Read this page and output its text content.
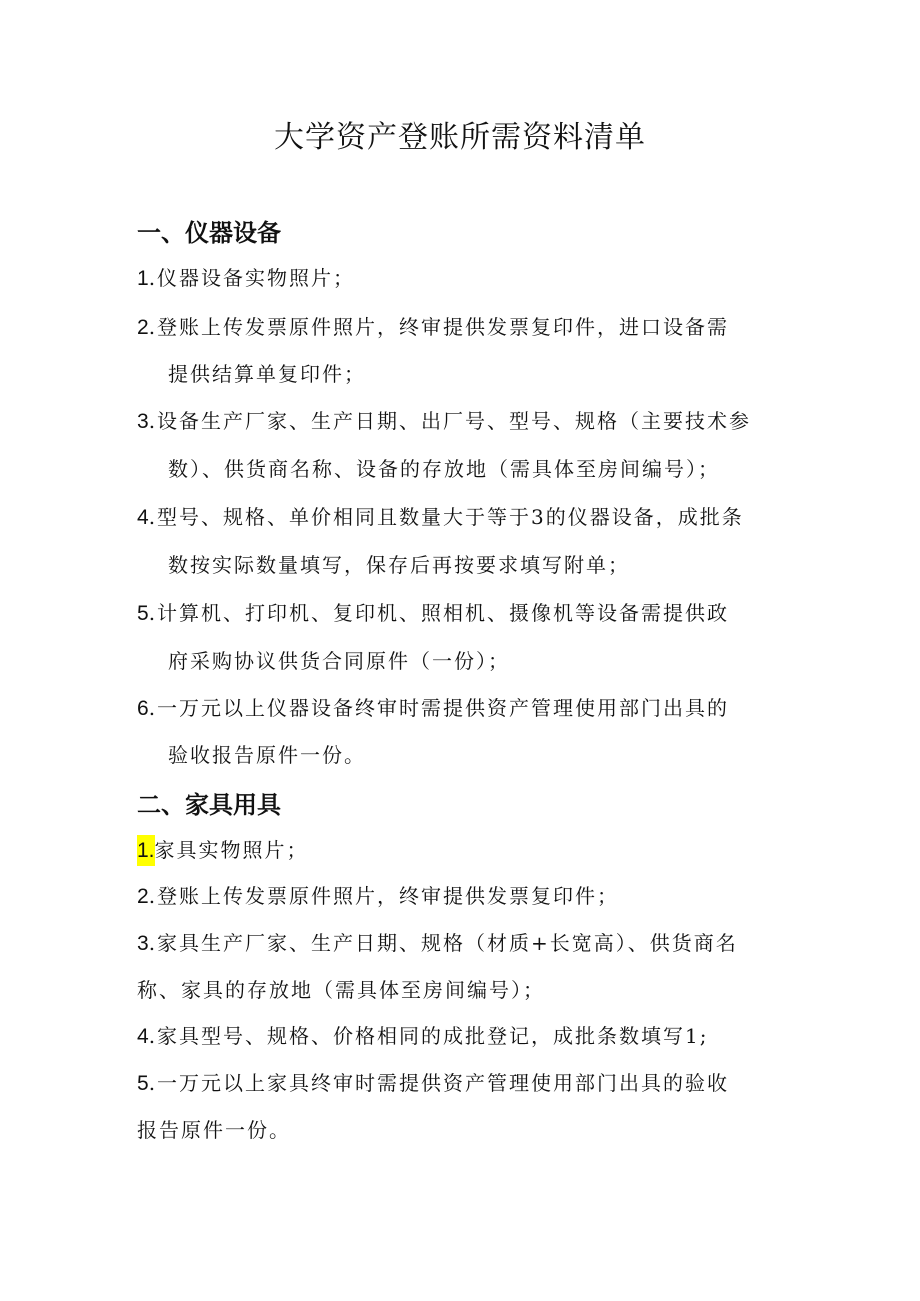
大学资产登账所需资料清单
一、仪器设备
1.仪器设备实物照片；
2.登账上传发票原件照片，终审提供发票复印件，进口设备需
提供结算单复印件；
3.设备生产厂家、生产日期、出厂号、型号、规格（主要技术参
数）、供货商名称、设备的存放地（需具体至房间编号）；
4.型号、规格、单价相同且数量大于等于3的仪器设备，成批条
数按实际数量填写，保存后再按要求填写附单；
5.计算机、打印机、复印机、照相机、摄像机等设备需提供政
府采购协议供货合同原件（一份）；
6.一万元以上仪器设备终审时需提供资产管理使用部门出具的
验收报告原件一份。
二、家具用具
1.家具实物照片；
2.登账上传发票原件照片，终审提供发票复印件；
3.家具生产厂家、生产日期、规格（材质+长宽高）、供货商名
称、家具的存放地（需具体至房间编号）；
4.家具型号、规格、价格相同的成批登记，成批条数填写1;
5.一万元以上家具终审时需提供资产管理使用部门出具的验收
报告原件一份。
